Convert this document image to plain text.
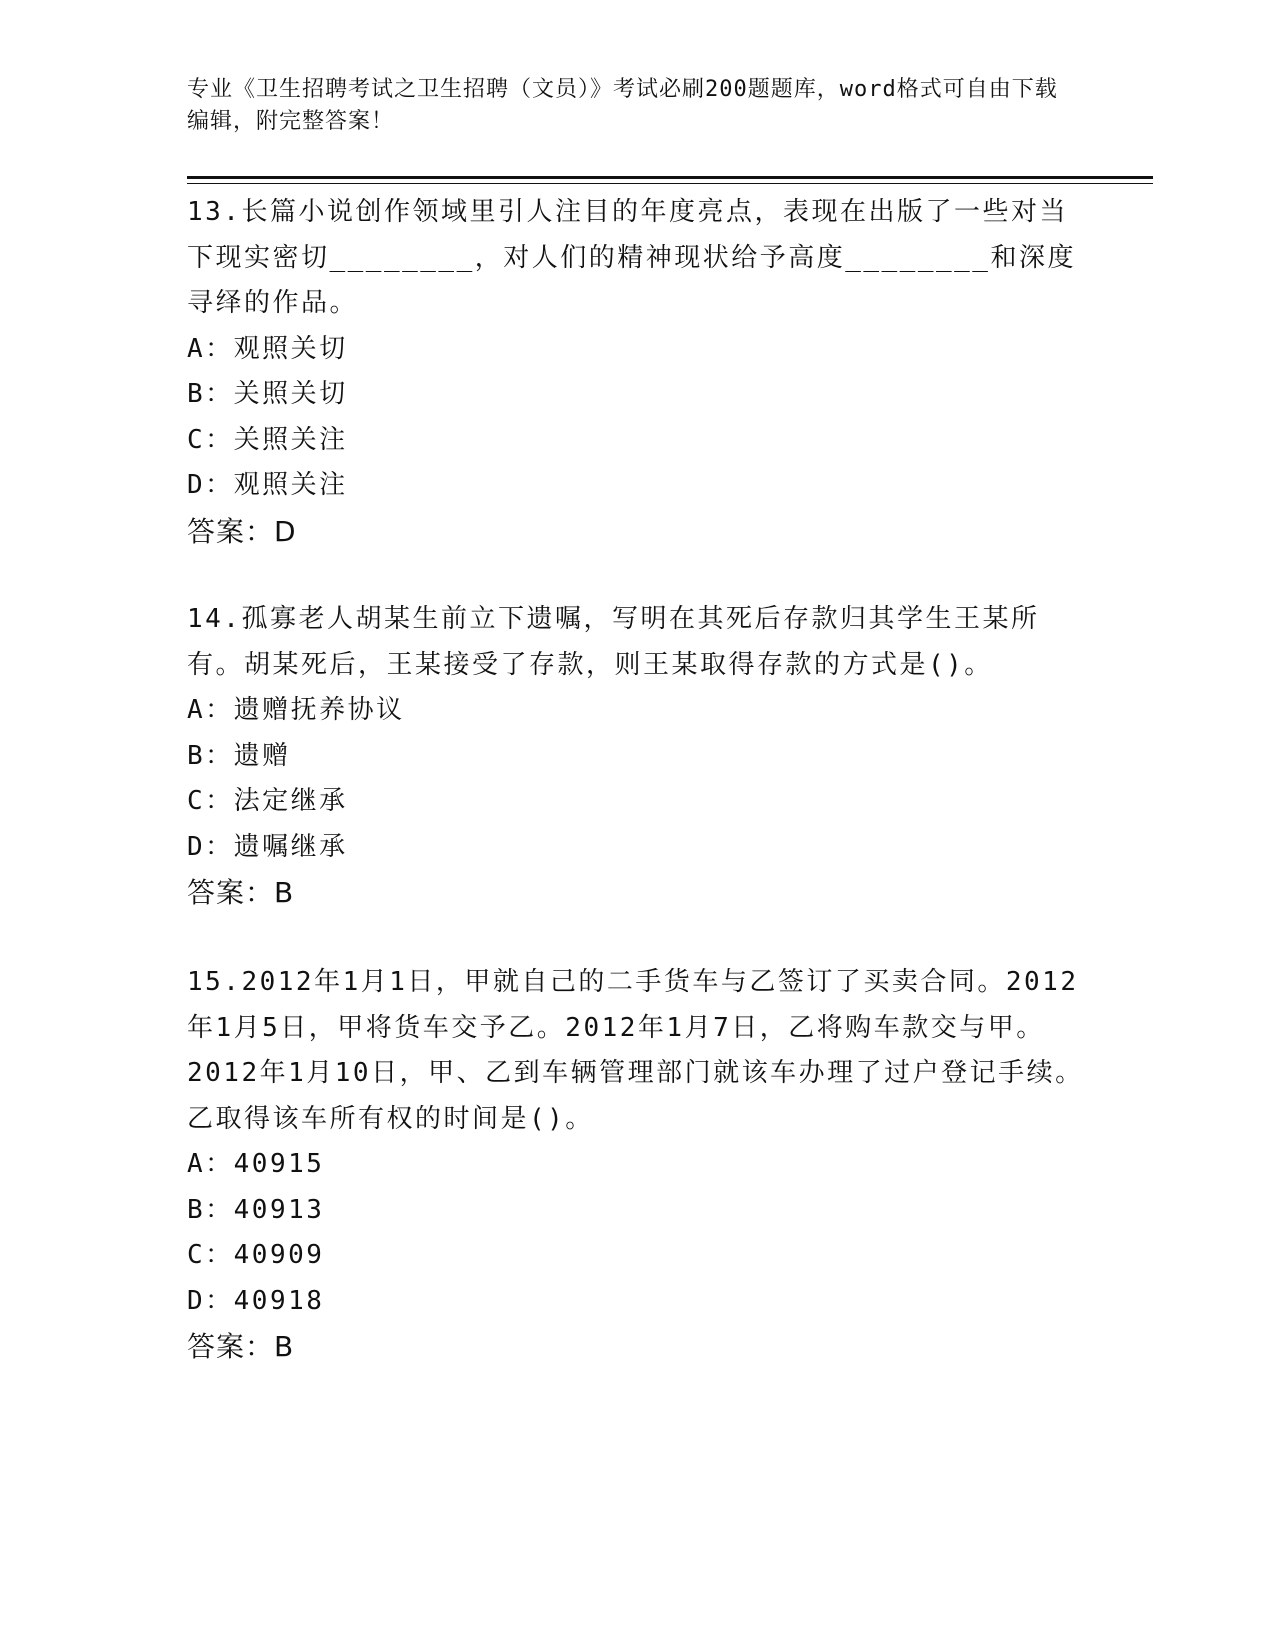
专业《卫生招聘考试之卫生招聘（文员）》考试必刷200题题库，word格式可自由下载编辑，附完整答案！

13.长篇小说创作领域里引人注目的年度亮点，表现在出版了一些对当下现实密切________，对人们的精神现状给予高度________和深度寻绎的作品。

A：观照关切

B：关照关切

C：关照关注

D：观照关注

答案：D

14.孤寡老人胡某生前立下遗嘱，写明在其死后存款归其学生王某所有。胡某死后，王某接受了存款，则王某取得存款的方式是()。

A：遗赠抚养协议

B：遗赠

C：法定继承

D：遗嘱继承

答案：B

15.2012年1月1日，甲就自己的二手货车与乙签订了买卖合同。2012年1月5日，甲将货车交予乙。2012年1月7日，乙将购车款交与甲。2012年1月10日，甲、乙到车辆管理部门就该车办理了过户登记手续。乙取得该车所有权的时间是()。

A：40915

B：40913

C：40909

D：40918

答案：B
